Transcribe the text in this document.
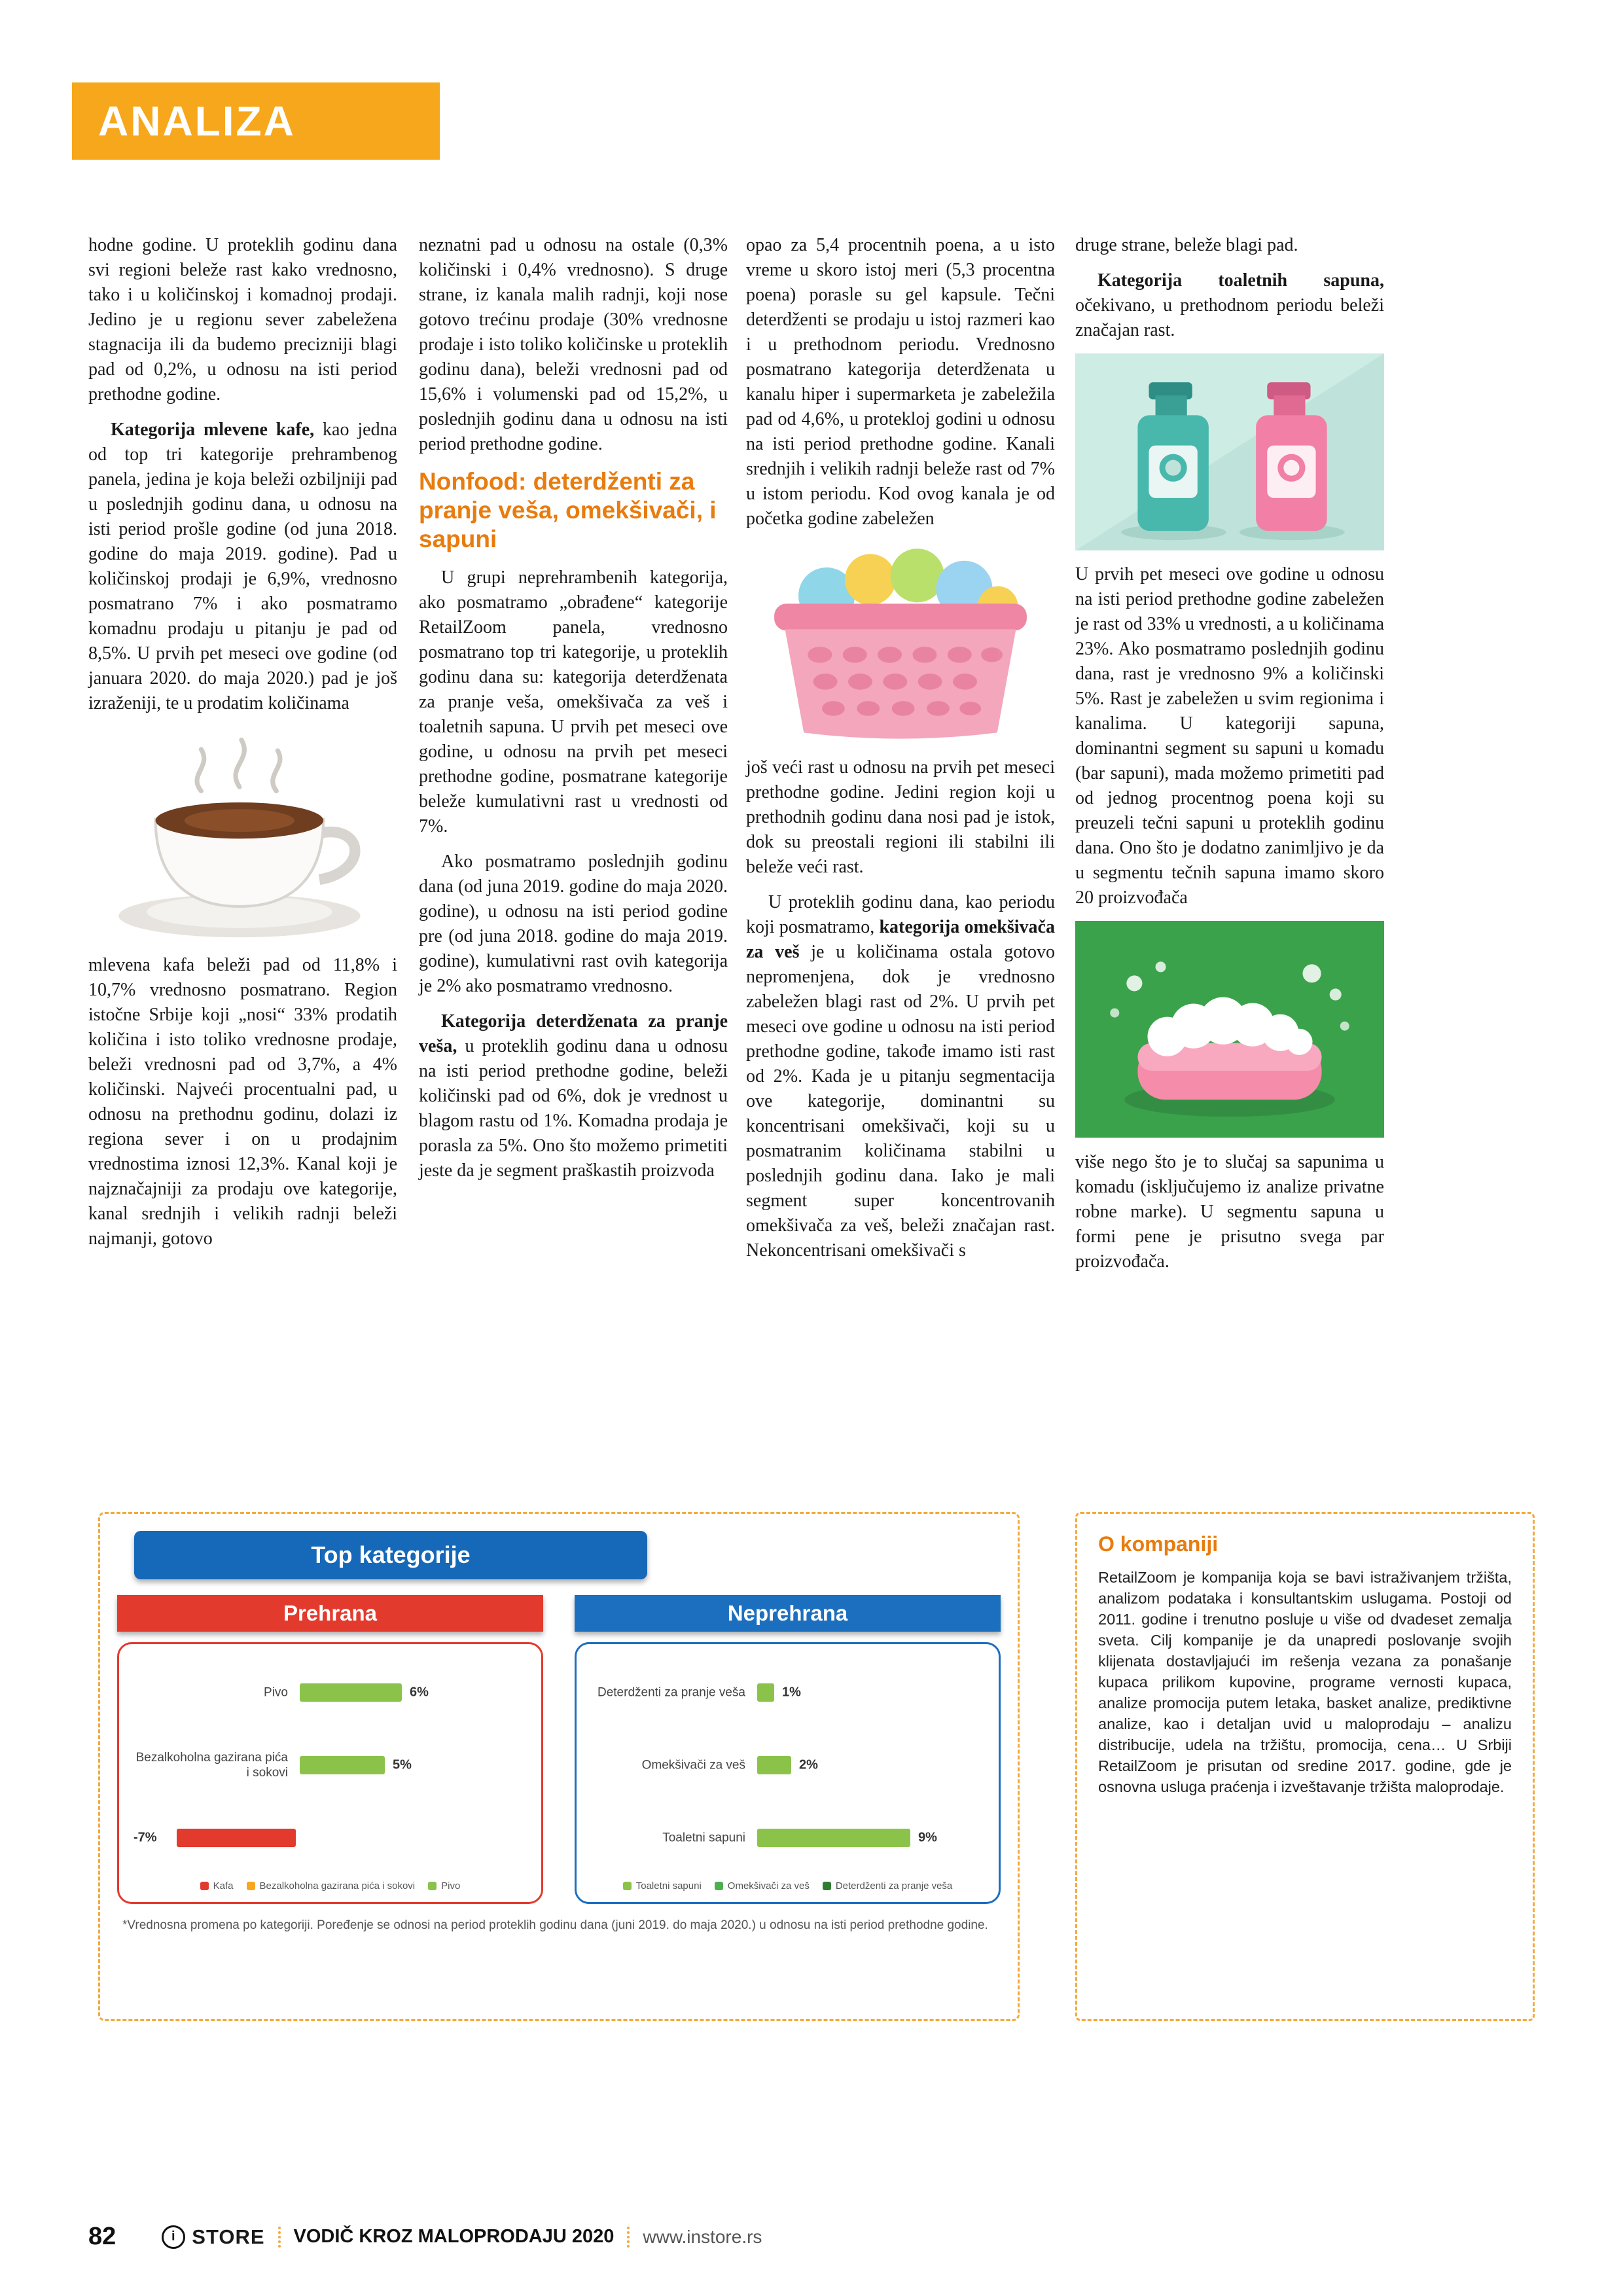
ANALIZA

hodne godine. U proteklih godinu dana svi regioni beleže rast kako vrednosno, tako i u količinskoj i komadnoj prodaji. Jedino je u regionu sever zabeležena stagnacija ili da budemo precizniji blagi pad od 0,2%, u odnosu na isti period prethodne godine.

Kategorija mlevene kafe, kao jedna od top tri kategorije prehrambenog panela, jedina je koja beleži ozbiljniji pad u poslednjih godinu dana, u odnosu na isti period prošle godine (od juna 2018. godine do maja 2019. godine). Pad u količinskoj prodaji je 6,9%, vrednosno posmatrano 7% i ako posmatramo komadnu prodaju u pitanju je pad od 8,5%. U prvih pet meseci ove godine (od januara 2020. do maja 2020.) pad je još izraženiji, te u prodatim količinama

mlevena kafa beleži pad od 11,8% i 10,7% vrednosno posmatrano. Region istočne Srbije koji „nosi“ 33% prodatih količina i isto toliko vrednosne prodaje, beleži vrednosni pad od 3,7%, a 4% količinski. Najveći procentualni pad, u odnosu na prethodnu godinu, dolazi iz regiona sever i on u prodajnim vrednostima iznosi 12,3%. Kanal koji je najznačajniji za prodaju ove kategorije, kanal srednjih i velikih radnji beleži najmanji, gotovo

neznatni pad u odnosu na ostale (0,3% količinski i 0,4% vrednosno). S druge strane, iz kanala malih radnji, koji nose gotovo trećinu prodaje (30% vrednosne prodaje i isto toliko količinske u proteklih godinu dana), beleži vrednosni pad od 15,6% i volumenski pad od 15,2%, u poslednjih godinu dana u odnosu na isti period prethodne godine.

Nonfood: deterdženti za pranje veša, omekšivači, i sapuni

U grupi neprehrambenih kategorija, ako posmatramo „obrađene“ kategorije RetailZoom panela, vrednosno posmatrano top tri kategorije, u proteklih godinu dana su: kategorija deterdženata za pranje veša, omekšivača za veš i toaletnih sapuna. U prvih pet meseci ove godine, u odnosu na prvih pet meseci prethodne godine, posmatrane kategorije beleže kumulativni rast u vrednosti od 7%.

Ako posmatramo poslednjih godinu dana (od juna 2019. godine do maja 2020. godine), u odnosu na isti period godine pre (od juna 2018. godine do maja 2019. godine), kumulativni rast ovih kategorija je 2% ako posmatramo vrednosno.

Kategorija deterdženata za pranje veša, u proteklih godinu dana u odnosu na isti period prethodne godine, beleži količinski pad od 6%, dok je vrednost u blagom rastu od 1%. Komadna prodaja je porasla za 5%. Ono što možemo primetiti jeste da je segment praškastih proizvoda

opao za 5,4 procentnih poena, a u isto vreme u skoro istoj meri (5,3 procentna poena) porasle su gel kapsule. Tečni deterdženti se prodaju u istoj razmeri kao i u prethodnom periodu. Vrednosno posmatrano kategorija deterdženata u kanalu hiper i supermarketa je zabeležila pad od 4,6%, u protekloj godini u odnosu na isti period prethodne godine. Kanali srednjih i velikih radnji beleže rast od 7% u istom periodu. Kod ovog kanala je od početka godine zabeležen

još veći rast u odnosu na prvih pet meseci prethodne godine. Jedini region koji u prethodnih godinu dana nosi pad je istok, dok su preostali regioni ili stabilni ili beleže veći rast.

U proteklih godinu dana, kao periodu koji posmatramo, kategorija omekšivača za veš je u količinama ostala gotovo nepromenjena, dok je vrednosno zabeležen blagi rast od 2%. U prvih pet meseci ove godine u odnosu na isti period prethodne godine, takođe imamo isti rast od 2%. Kada je u pitanju segmentacija ove kategorije, dominantni su koncentrisani omekšivači, koji su u posmatranim količinama stabilni u poslednjih godinu dana. Iako je mali segment super koncentrovanih omekšivača za veš, beleži značajan rast. Nekoncentrisani omekšivači s

druge strane, beleže blagi pad.

Kategorija toaletnih sapuna, očekivano, u prethodnom periodu beleži značajan rast.

U prvih pet meseci ove godine u odnosu na isti period prethodne godine zabeležen je rast od 33% u vrednosti, a u količinama 23%. Ako posmatramo poslednjih godinu dana, rast je vrednosno 9% a količinski 5%. Rast je zabeležen u svim regionima i kanalima. U kategoriji sapuna, dominantni segment su sapuni u komadu (bar sapuni), mada možemo primetiti pad od jednog procentnog poena koji su preuzeli tečni sapuni u proteklih godinu dana. Ono što je dodatno zanimljivo je da u segmentu tečnih sapuna imamo skoro 20 proizvođača

više nego što je to slučaj sa sapunima u komadu (isključujemo iz analize privatne robne marke). U segmentu sapuna u formi pene je prisutno svega par proizvođača.

Top kategorije
Prehrana
Pivo	6%
Bezalkoholna gazirana pića i sokovi
5%
-7%
Kafa	Bezalkoholna gazirana pića i sokovi	Pivo
Neprehrana
Deterdženti za pranje veša	1%
Omekšivači za veš	2%
Toaletni sapuni	9%
Toaletni sapuni	Omekšivači za veš	Deterdženti za pranje veša

*Vrednosna promena po kategoriji. Poređenje se odnosi na period proteklih godinu dana (juni 2019. do maja 2020.) u odnosu na isti period prethodne godine.

O kompaniji

RetailZoom je kompanija koja se bavi istraživanjem tržišta, analizom podataka i konsultantskim uslugama. Postoji od 2011. godine i trenutno posluje u više od dvadeset zemalja sveta. Cilj kompanije je da unapredi poslovanje svojih klijenata dostavljajući im rešenja vezana za ponašanje kupaca prilikom kupovine, programe vernosti kupaca, analize promocija putem letaka, basket analize, prediktivne analize, kao i detaljan uvid u maloprodaju – analizu distribucije, udela na tržištu, promocija, cena… U Srbiji RetailZoom je prisutan od sredine 2017. godine, gde je osnovna usluga praćenja i izveštavanje tržišta maloprodaje.

82	i STORE VODIČ KROZ MALOPRODAJU 2020 www.instore.rs
